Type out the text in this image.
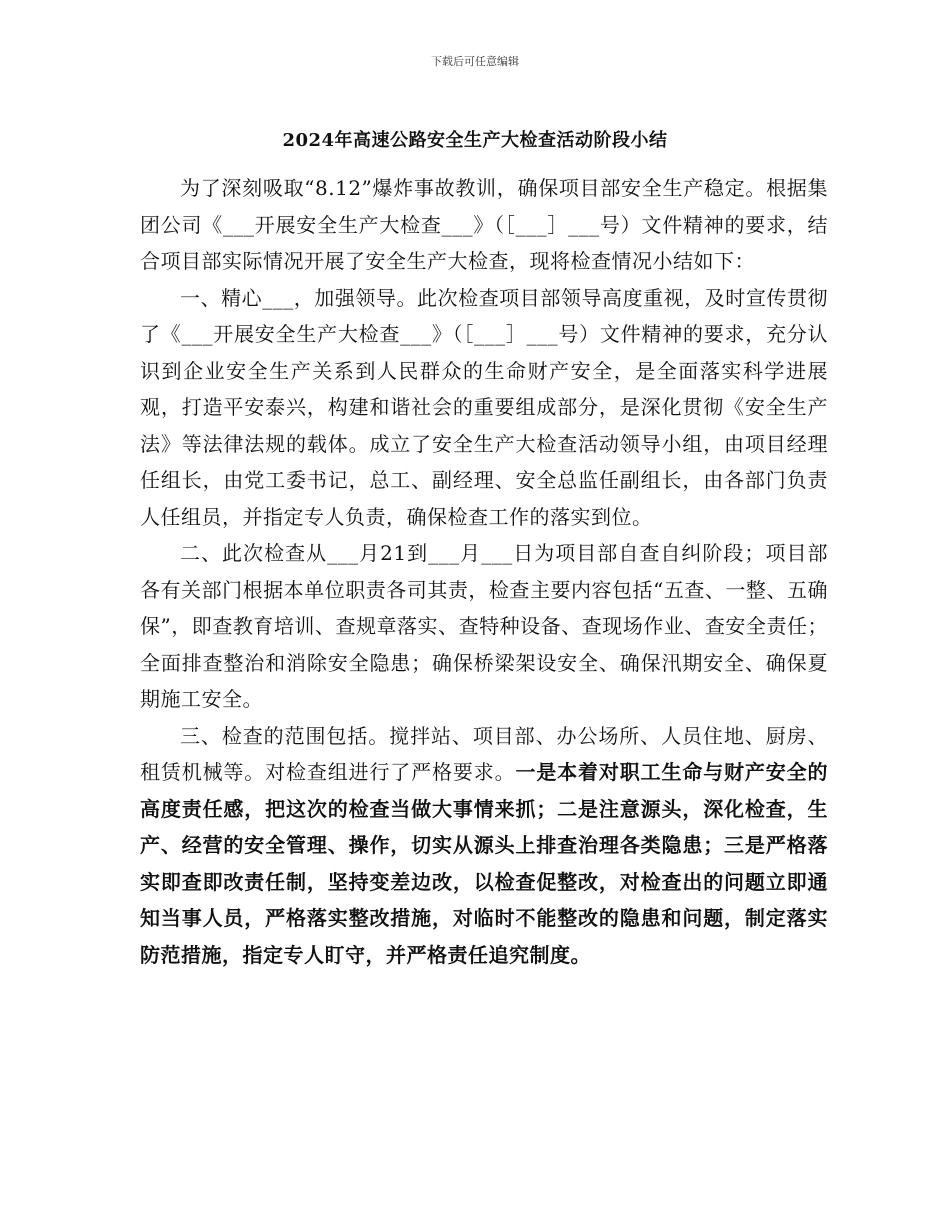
下载后可任意编辑
2024年高速公路安全生产大检查活动阶段小结

为了深刻吸取“8.12”爆炸事故教训，确保项目部安全生产稳定。根据集团公司《___开展安全生产大检查___》（［___］___号）文件精神的要求，结合项目部实际情况开展了安全生产大检查，现将检查情况小结如下：

一、精心___，加强领导。此次检查项目部领导高度重视，及时宣传贯彻了《___开展安全生产大检查___》（［___］___号）文件精神的要求，充分认识到企业安全生产关系到人民群众的生命财产安全，是全面落实科学进展观，打造平安泰兴，构建和谐社会的重要组成部分，是深化贯彻《安全生产法》等法律法规的载体。成立了安全生产大检查活动领导小组，由项目经理任组长，由党工委书记，总工、副经理、安全总监任副组长，由各部门负责人任组员，并指定专人负责，确保检查工作的落实到位。

二、此次检查从___月21到___月___日为项目部自查自纠阶段；项目部各有关部门根据本单位职责各司其责，检查主要内容包括“五查、一整、五确保”，即查教育培训、查规章落实、查特种设备、查现场作业、查安全责任；全面排查整治和消除安全隐患；确保桥梁架设安全、确保汛期安全、确保夏期施工安全。

三、检查的范围包括。搅拌站、项目部、办公场所、人员住地、厨房、租赁机械等。对检查组进行了严格要求。一是本着对职工生命与财产安全的高度责任感，把这次的检查当做大事情来抓；二是注意源头，深化检查，生产、经营的安全管理、操作，切实从源头上排查治理各类隐患；三是严格落实即查即改责任制，坚持变差边改，以检查促整改，对检查出的问题立即通知当事人员，严格落实整改措施，对临时不能整改的隐患和问题，制定落实防范措施，指定专人盯守，并严格责任追究制度。
